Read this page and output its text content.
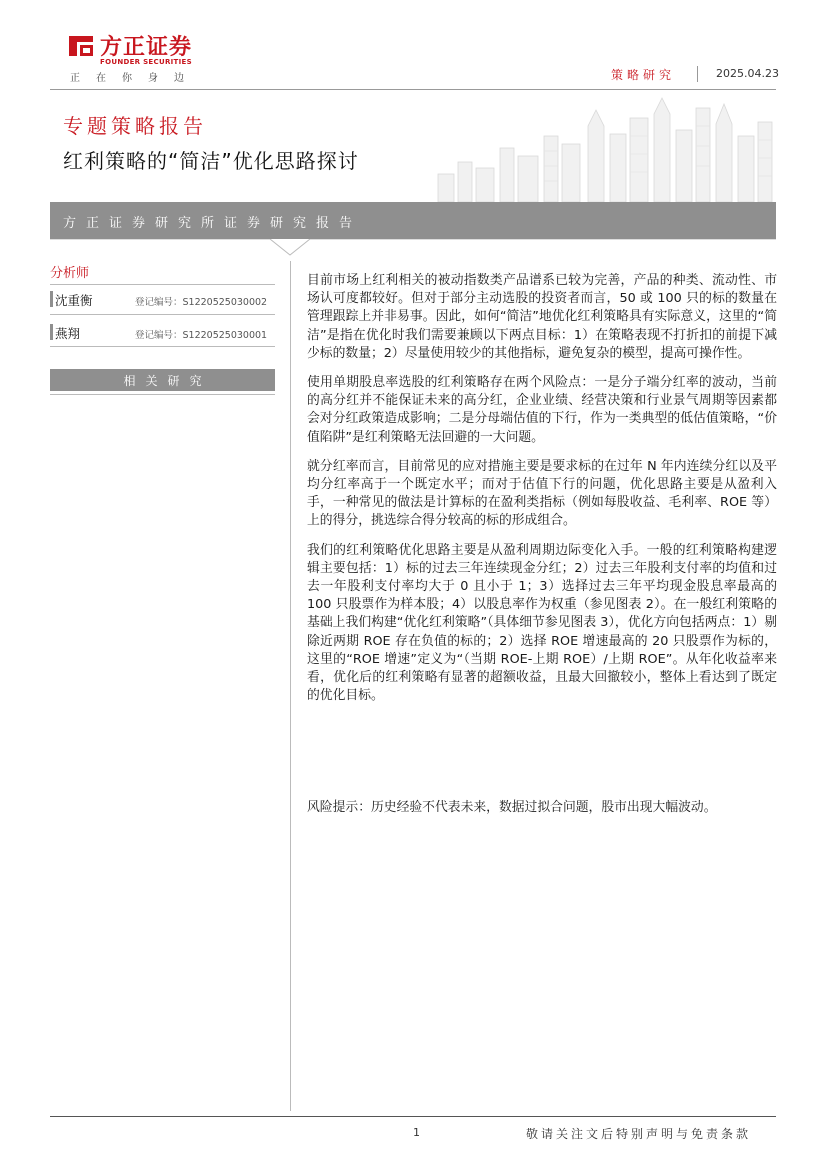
方正证券
FOUNDER SECURITIES
正在你身边	策略研究	2025.04.23
专题策略报告
红利策略的“简洁”优化思路探讨
方正证券研究所证券研究报告
分析师
沈重衡	登记编号：S1220525030002
燕翔	登记编号：S1220525030001
相关研究

目前市场上红利相关的被动指数类产品谱系已较为完善，产品的种类、流动性、市场认可度都较好。但对于部分主动选股的投资者而言，50 或 100 只的标的数量在管理跟踪上并非易事。因此，如何“简洁”地优化红利策略具有实际意义，这里的“简洁”是指在优化时我们需要兼顾以下两点目标：1）在策略表现不打折扣的前提下减少标的数量；2）尽量使用较少的其他指标，避免复杂的模型，提高可操作性。

使用单期股息率选股的红利策略存在两个风险点：一是分子端分红率的波动，当前的高分红并不能保证未来的高分红，企业业绩、经营决策和行业景气周期等因素都会对分红政策造成影响；二是分母端估值的下行，作为一类典型的低估值策略，“价值陷阱”是红利策略无法回避的一大问题。

就分红率而言，目前常见的应对措施主要是要求标的在过年 N 年内连续分红以及平均分红率高于一个既定水平；而对于估值下行的问题，优化思路主要是从盈利入手，一种常见的做法是计算标的在盈利类指标（例如每股收益、毛利率、ROE 等）上的得分，挑选综合得分较高的标的形成组合。

我们的红利策略优化思路主要是从盈利周期边际变化入手。一般的红利策略构建逻辑主要包括：1）标的过去三年连续现金分红；2）过去三年股利支付率的均值和过去一年股利支付率均大于 0 且小于 1；3）选择过去三年平均现金股息率最高的 100 只股票作为样本股；4）以股息率作为权重（参见图表 2）。在一般红利策略的基础上我们构建“优化红利策略”（具体细节参见图表 3），优化方向包括两点：1）剔除近两期 ROE 存在负值的标的；2）选择 ROE 增速最高的 20 只股票作为标的，这里的“ROE 增速”定义为“（当期 ROE-上期 ROE）/上期 ROE”。从年化收益率来看，优化后的红利策略有显著的超额收益，且最大回撤较小，整体上看达到了既定的优化目标。

风险提示：历史经验不代表未来，数据过拟合问题，股市出现大幅波动。
1	敬请关注文后特别声明与免责条款
